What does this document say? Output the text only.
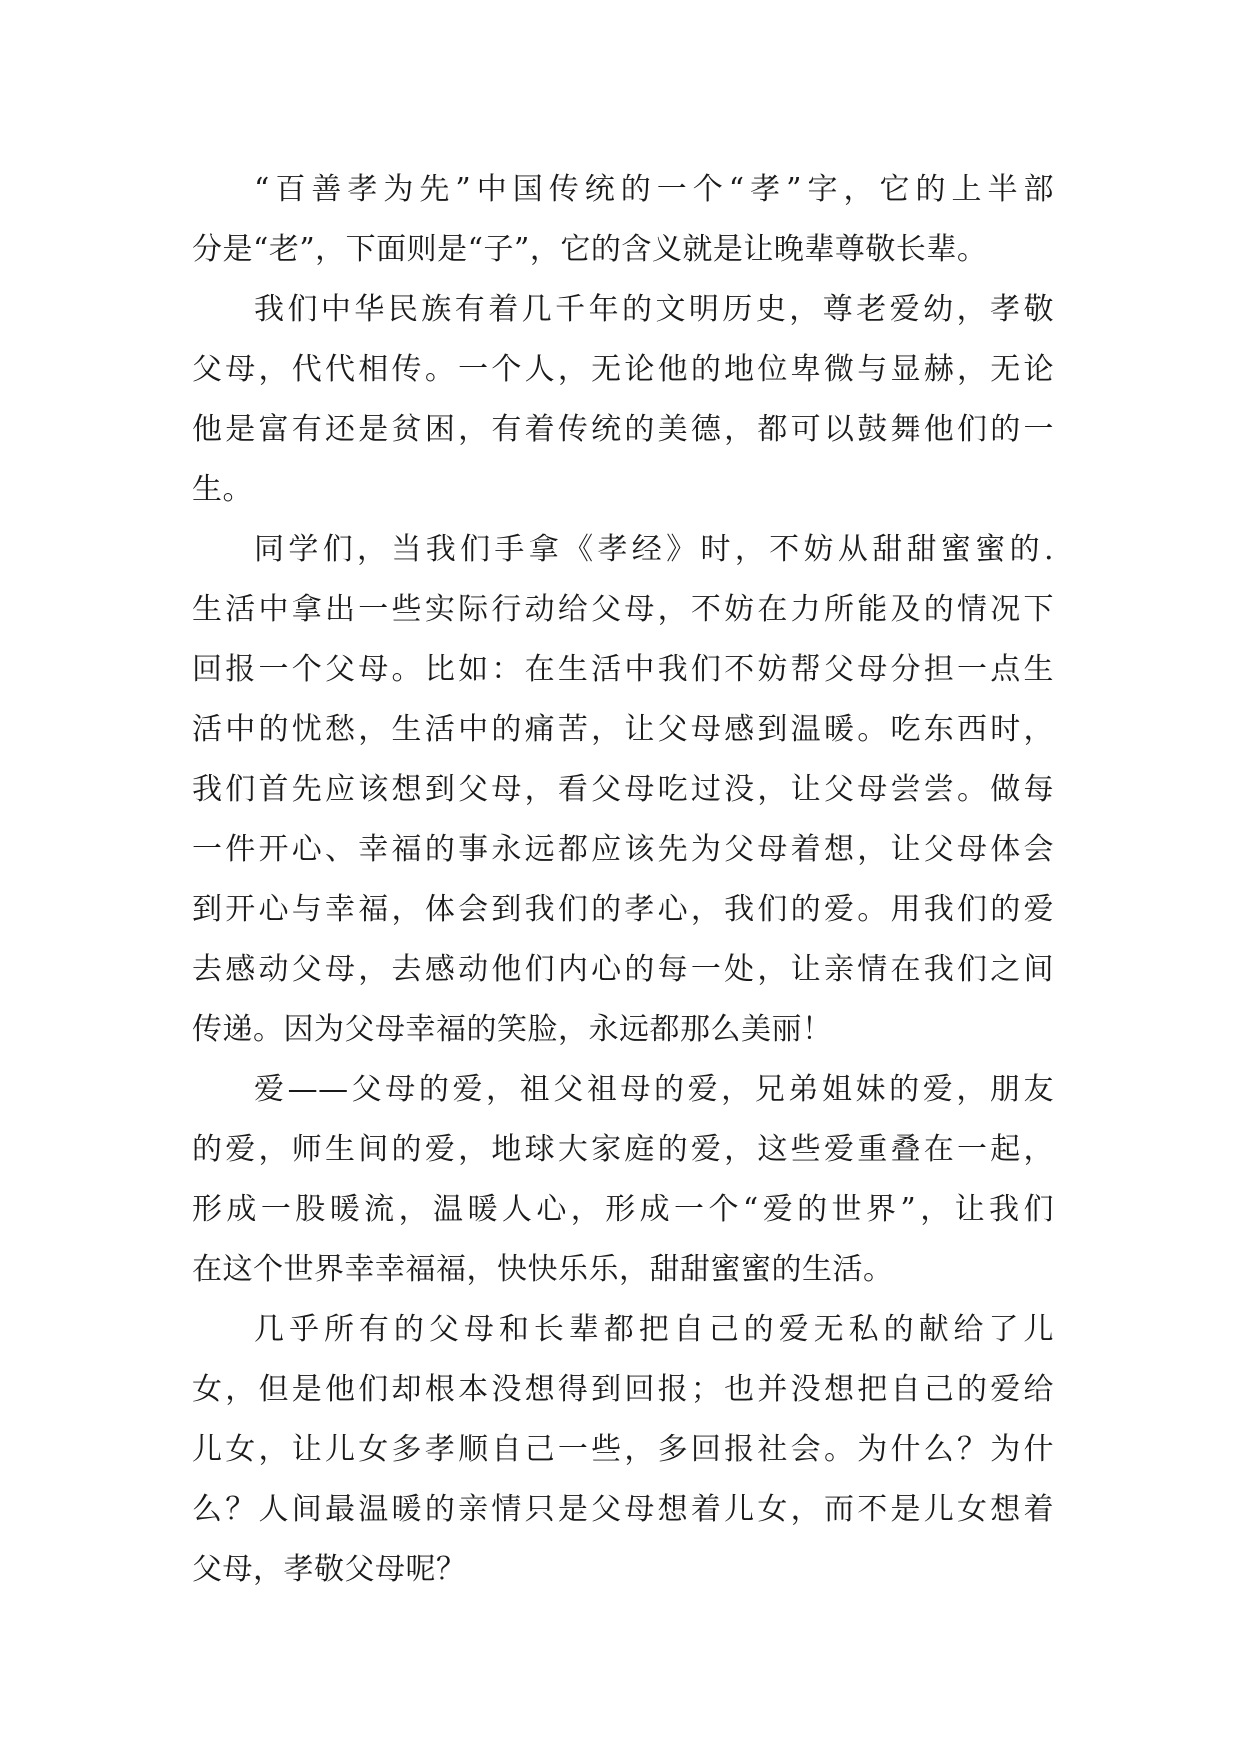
“百善孝为先”中国传统的一个“孝”字，它的上半部
分是“老”，下面则是“子”，它的含义就是让晚辈尊敬长辈。
我们中华民族有着几千年的文明历史，尊老爱幼，孝敬
父母，代代相传。一个人，无论他的地位卑微与显赫，无论
他是富有还是贫困，有着传统的美德，都可以鼓舞他们的一
生。
同学们，当我们手拿《孝经》时，不妨从甜甜蜜蜜的.
生活中拿出一些实际行动给父母，不妨在力所能及的情况下
回报一个父母。比如：在生活中我们不妨帮父母分担一点生
活中的忧愁，生活中的痛苦，让父母感到温暖。吃东西时，
我们首先应该想到父母，看父母吃过没，让父母尝尝。做每
一件开心、幸福的事永远都应该先为父母着想，让父母体会
到开心与幸福，体会到我们的孝心，我们的爱。用我们的爱
去感动父母，去感动他们内心的每一处，让亲情在我们之间
传递。因为父母幸福的笑脸，永远都那么美丽！
爱——父母的爱，祖父祖母的爱，兄弟姐妹的爱，朋友
的爱，师生间的爱，地球大家庭的爱，这些爱重叠在一起，
形成一股暖流，温暖人心，形成一个“爱的世界”，让我们
在这个世界幸幸福福，快快乐乐，甜甜蜜蜜的生活。
几乎所有的父母和长辈都把自己的爱无私的献给了儿
女，但是他们却根本没想得到回报；也并没想把自己的爱给
儿女，让儿女多孝顺自己一些，多回报社会。为什么？为什
么？人间最温暖的亲情只是父母想着儿女，而不是儿女想着
父母，孝敬父母呢？
